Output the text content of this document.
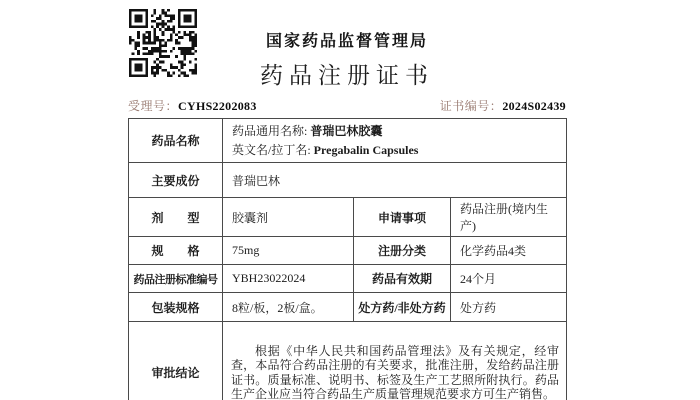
国家药品监督管理局
药品注册证书
受理号：CYHS2202083	证书编号：2024S02439
药品名称	药品通用名称: 普瑞巴林胶囊
英文名/拉丁名: Pregabalin Capsules		

主要成份	普瑞巴林		
剂　　型	胶囊剂	申请事项	药品注册(境内生产)
规　　格	75mg	注册分类	化学药品4类
药品注册标准编号	YBH23022024	药品有效期	24个月
包装规格	8粒/板，2板/盒。	处方药/非处方药	处方药
审批结论	根据《中华人民共和国药品管理法》及有关规定，经审查，本品符合药品注册的有关要求，批准注册，发给药品注册证书。质量标准、说明书、标签及生产工艺照所附执行。药品生产企业应当符合药品生产质量管理规范要求方可生产销售。		
